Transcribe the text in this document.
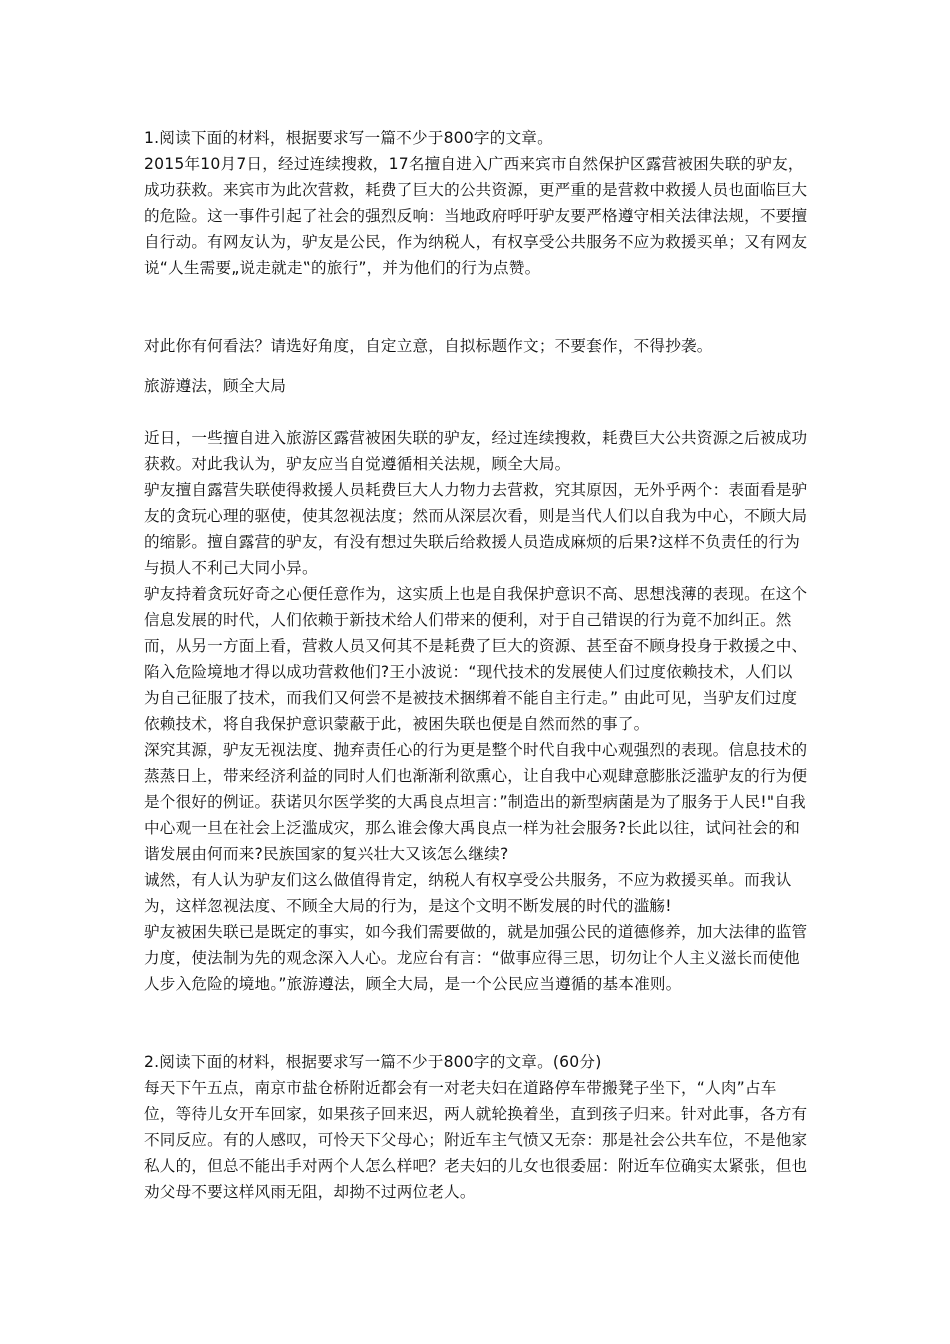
1.阅读下面的材料，根据要求写一篇不少于800字的文章。

2015年10月7日，经过连续搜救，17名擅自进入广西来宾市自然保护区露营被困失联的驴友，成功获救。来宾市为此次营救，耗费了巨大的公共资源，更严重的是营救中救援人员也面临巨大的危险。这一事件引起了社会的强烈反响：当地政府呼吁驴友要严格遵守相关法律法规，不要擅自行动。有网友认为，驴友是公民，作为纳税人，有权享受公共服务不应为救援买单；又有网友说“人生需要„说走就走‟的旅行”，并为他们的行为点赞。

对此你有何看法？请选好角度，自定立意，自拟标题作文；不要套作，不得抄袭。

旅游遵法，顾全大局

近日，一些擅自进入旅游区露营被困失联的驴友，经过连续搜救，耗费巨大公共资源之后被成功获救。对此我认为，驴友应当自觉遵循相关法规，顾全大局。

驴友擅自露营失联使得救援人员耗费巨大人力物力去营救，究其原因，无外乎两个：表面看是驴友的贪玩心理的驱使，使其忽视法度；然而从深层次看，则是当代人们以自我为中心，不顾大局的缩影。擅自露营的驴友，有没有想过失联后给救援人员造成麻烦的后果?这样不负责任的行为与损人不利己大同小异。

驴友持着贪玩好奇之心便任意作为，这实质上也是自我保护意识不高、思想浅薄的表现。在这个信息发展的时代，人们依赖于新技术给人们带来的便利，对于自己错误的行为竟不加纠正。然而，从另一方面上看，营救人员又何其不是耗费了巨大的资源、甚至奋不顾身投身于救援之中、陷入危险境地才得以成功营救他们?王小波说：“现代技术的发展使人们过度依赖技术，人们以为自己征服了技术，而我们又何尝不是被技术捆绑着不能自主行走。” 由此可见，当驴友们过度依赖技术，将自我保护意识蒙蔽于此，被困失联也便是自然而然的事了。

深究其源，驴友无视法度、抛弃责任心的行为更是整个时代自我中心观强烈的表现。信息技术的蒸蒸日上，带来经济利益的同时人们也渐渐利欲熏心，让自我中心观肆意膨胀泛滥驴友的行为便是个很好的例证。获诺贝尔医学奖的大禹良点坦言：”制造出的新型病菌是为了服务于人民!"自我中心观一旦在社会上泛滥成灾，那么谁会像大禹良点一样为社会服务?长此以往，试问社会的和谐发展由何而来?民族国家的复兴壮大又该怎么继续?

诚然，有人认为驴友们这么做值得肯定，纳税人有权享受公共服务，不应为救援买单。而我认为，这样忽视法度、不顾全大局的行为，是这个文明不断发展的时代的滥觞!

驴友被困失联已是既定的事实，如今我们需要做的，就是加强公民的道德修养，加大法律的监管力度，使法制为先的观念深入人心。龙应台有言：“做事应得三思，切勿让个人主义滋长而使他人步入危险的境地。”旅游遵法，顾全大局，是一个公民应当遵循的基本准则。

2.阅读下面的材料，根据要求写一篇不少于800字的文章。(60分)

每天下午五点，南京市盐仓桥附近都会有一对老夫妇在道路停车带搬凳子坐下，“人肉”占车位，等待儿女开车回家，如果孩子回来迟，两人就轮换着坐，直到孩子归来。针对此事，各方有不同反应。有的人感叹，可怜天下父母心；附近车主气愤又无奈：那是社会公共车位，不是他家私人的，但总不能出手对两个人怎么样吧？老夫妇的儿女也很委屈：附近车位确实太紧张，但也劝父母不要这样风雨无阻，却拗不过两位老人。
